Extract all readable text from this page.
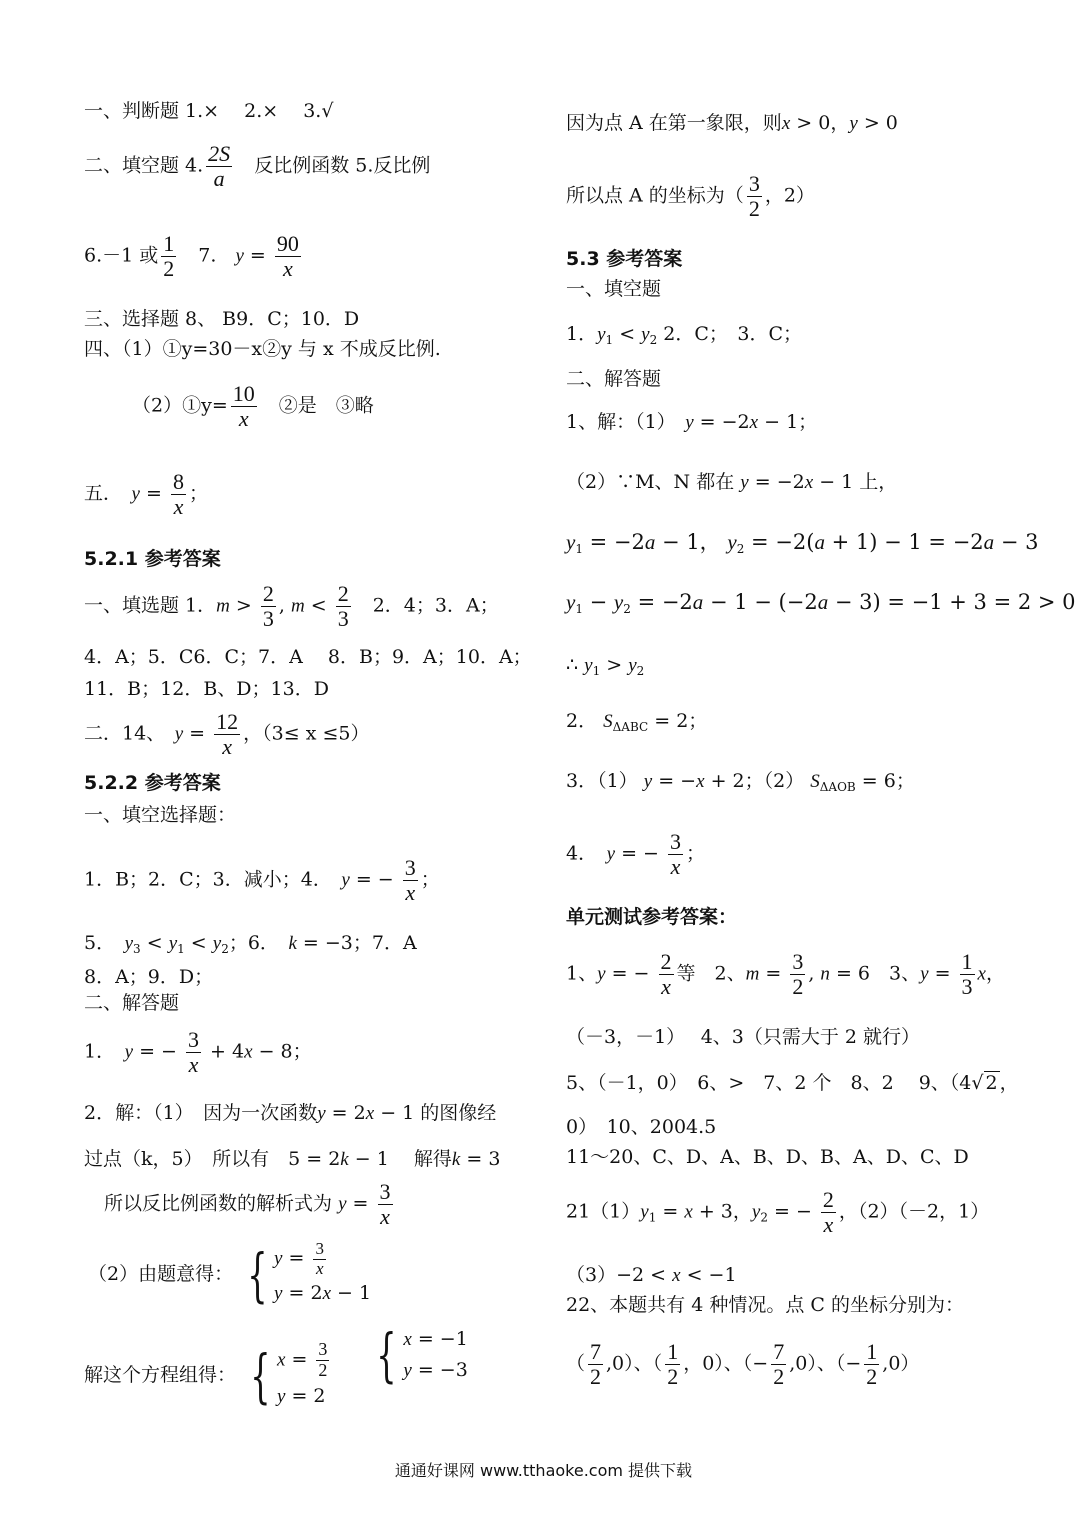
一、判断题 1.×　 2.×　 3.√
二、填空题 4. $\frac{2S}{a}$
　 反比例函数 5.反比例
6.－1 或 $\frac{1}{2}$
　 7.　 $y = \frac{90}{x}$
三、选择题 8、 B9．C；10．D
四、（1）①y=30－x②y 与 x 不成反比例.
（2）①y= $\frac{10}{x}$
　 ②是　③略
五．　 $y = \frac{8}{x}$ ；
5.2.1 参考答案
一、填选题 1．$m > \frac{2}{3}$ , $m < \frac{2}{3}$
　 2．4；3．A；
4．A；5．C6．C；7．A　 8．B；9．A；10．A；
11．B；12．B、D；13．D
二．14、　 $y = \frac{12}{x}$ ，（3≤ x ≤5）
5.2.2 参考答案
一、填空选择题：
1．B；2．C；3．减小；4．　 y = − $\frac{3}{x}$ ；
5．　 $y_3 < y_1 < y_2$；6．　 k = −3；7．A
8．A；9．D；
二、解答题
1．　 y = − $\frac{3}{x} + 4x - 8$；
2．解：（1）　因为一次函数y = 2x − 1 的图像经
过点（k，5）　所以有　5 = 2k − 1　 解得k = 3
所以反比例函数的解析式为 $y = \frac{3}{x}$
（2）由题意得： { $y = \frac{3}{x}$
y = 2x − 1
解这个方程组得： { $x = \frac{3}{2}$
y = 2

{ x = −1
y = −3
因为点 A 在第一象限，则x > 0，y > 0
所以点 A 的坐标为（ $\frac{3}{2}$ ，2）
5.3 参考答案
一、填空题
1．$y_1 < y_2$ 2．C；　3．C；
二、解答题
1、解：（1）　 y = −2x − 1；
（2）∵M、N 都在 y = −2x − 1 上，
$y_1 = -2a - 1$， $y_2 = -2(a + 1) - 1 = -2a - 3$
$y_1 - y_2 = -2a - 1 - (-2a - 3) = -1 + 3 = 2 > 0$
∴ $y_1 > y_2$
2． $S_{\Delta ABC} = 2$；
3．（1） y = −x + 2；（2） $S_{\Delta AOB} = 6$；
4．　 y = − $\frac{3}{x}$ ；
单元测试参考答案：
1、y = − $\frac{2}{x}$ 等　2、$m = \frac{3}{2}$ , n = 6　3、$y = \frac{1}{3}$ x，
（－3，－1）　 4、3（只需大于 2 就行）
5、（－1，0）　6、>　7、2 个　8、2　 9、（4√ 2 ，
0）　10、2004.5
11～20、C、D、A、B、D、B、A、D、C、D
$21(1)y_1 = x + 3$，$y_2$ = − $\frac{2}{x}$ ，（2）（－2，1）
（3）−2 < x < −1
22、本题共有 4 种情况。点 C 的坐标分别为：
（ $\frac{7}{2} ,0$）、（ $\frac{1}{2}$ ，0）、（− $\frac{7}{2} ,0$）、（− $\frac{1}{2} ,0$）
通通好课网 www.tthaoke.com 提供下载
